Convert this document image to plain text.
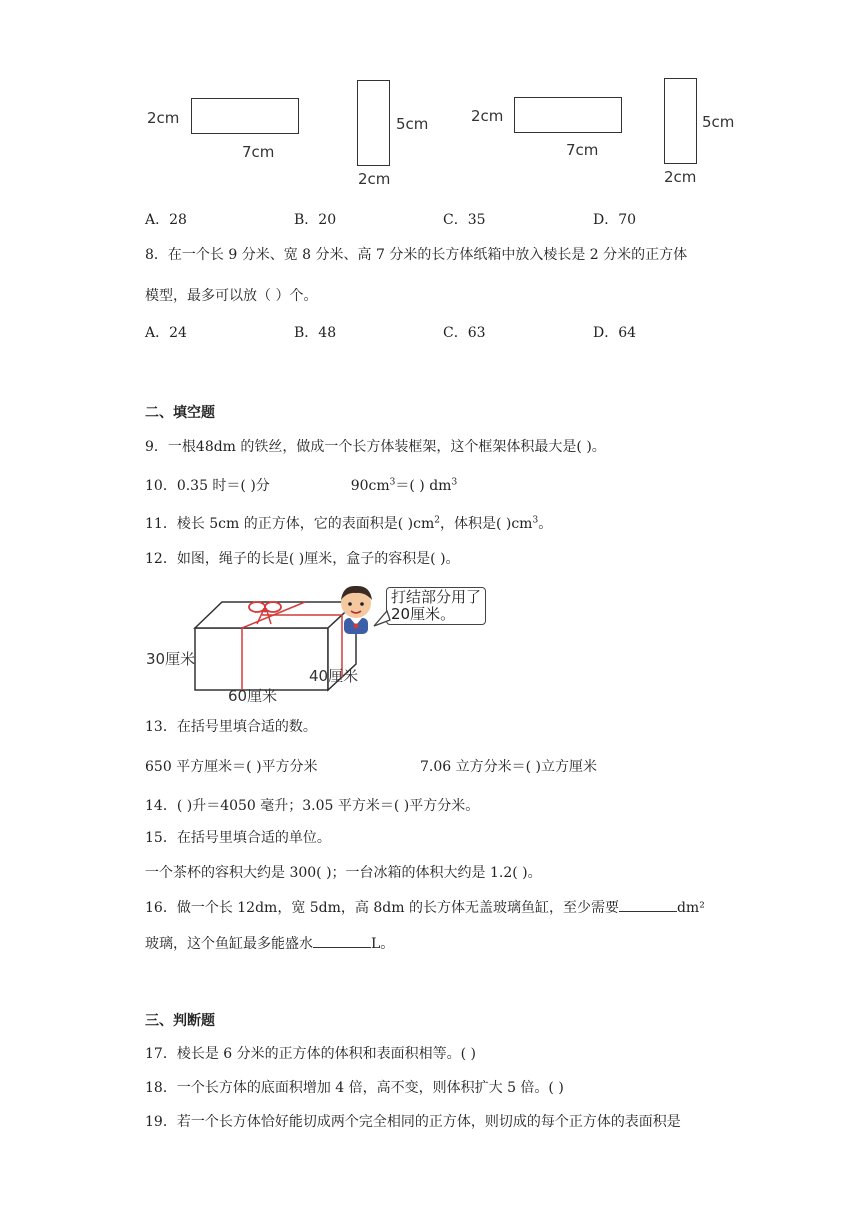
2cm
7cm
5cm
2cm
2cm
7cm
5cm
2cm
A．28	B．20	C．35	D．70
8．在一个长 9 分米、宽 8 分米、高 7 分米的长方体纸箱中放入棱长是 2 分米的正方体
模型，最多可以放（ ）个。
A．24	B．48	C．63	D．64
二、填空题
9．一根48dm 的铁丝，做成一个长方体装框架，这个框架体积最大是( )。
10．0.35 时＝( )分	$90cm^3=$( ) $dm^3$
11．棱长 5cm 的正方体，它的表面积是( )$cm^2$，体积是( )$cm^3$。
12．如图，绳子的长是( )厘米，盒子的容积是( )。
30厘米
60厘米
40厘米
打结部分用了
20厘米。
13．在括号里填合适的数。
650 平方厘米＝( )平方分米	7.06 立方分米＝( )立方厘米
14．( )升＝4050 毫升；3.05 平方米＝( )平方分米。
15．在括号里填合适的单位。
一个茶杯的容积大约是 300( )；一台冰箱的体积大约是 1.2( )。
16．做一个长 12dm，宽 5dm，高 8dm 的长方体无盖玻璃鱼缸，至少需要	dm²
玻璃，这个鱼缸最多能盛水	L。
三、判断题
17．棱长是 6 分米的正方体的体积和表面积相等。( )
18．一个长方体的底面积增加 4 倍，高不变，则体积扩大 5 倍。( )
19．若一个长方体恰好能切成两个完全相同的正方体，则切成的每个正方体的表面积是
